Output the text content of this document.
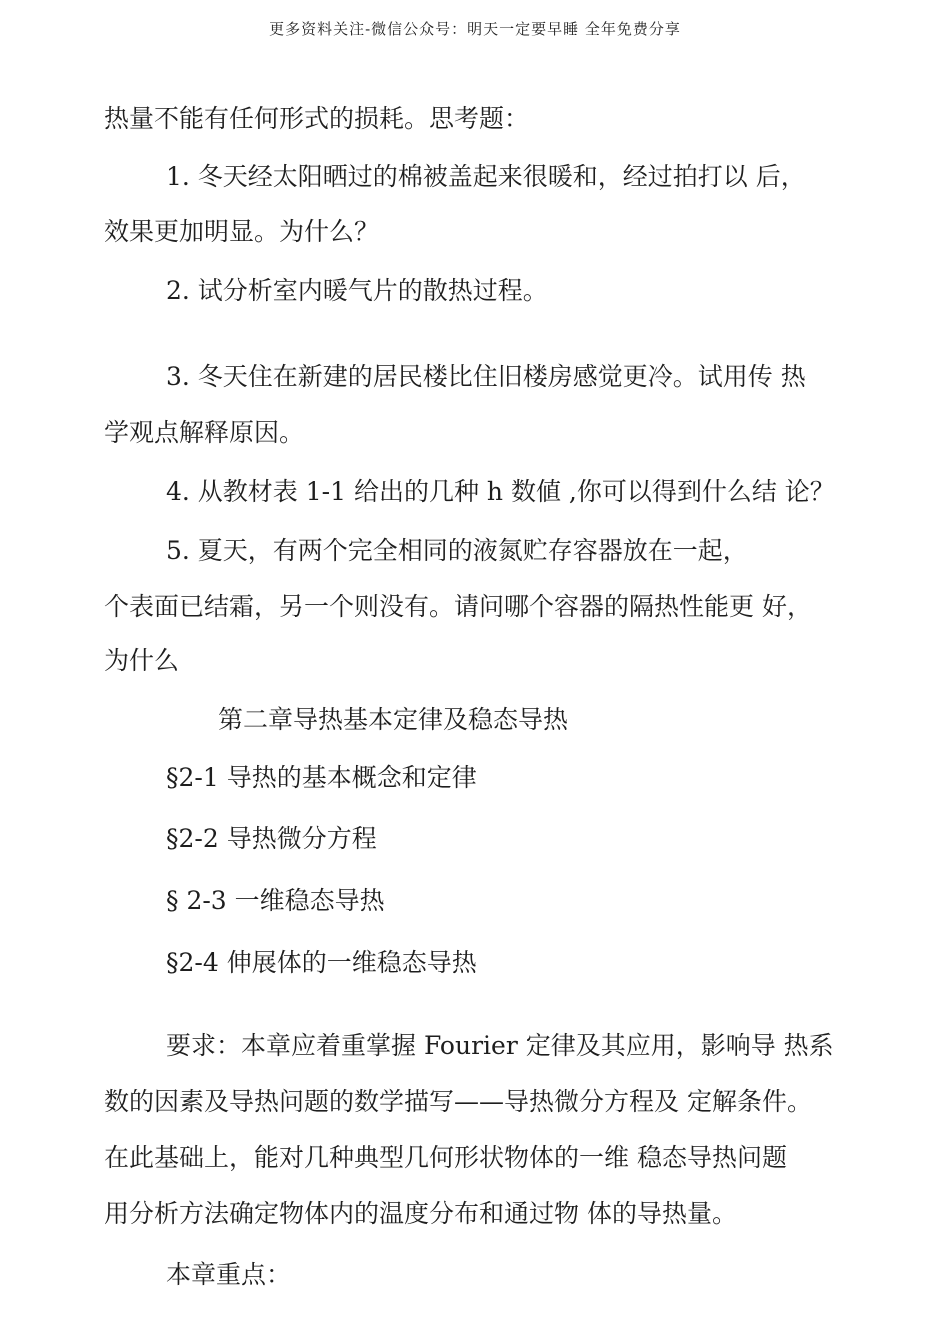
更多资料关注-微信公众号：明天一定要早睡 全年免费分享
热量不能有任何形式的损耗。思考题：
1. 冬天经太阳晒过的棉被盖起来很暖和，经过拍打以 后，
效果更加明显。为什么？
2. 试分析室内暖气片的散热过程。
3. 冬天住在新建的居民楼比住旧楼房感觉更冷。试用传 热
学观点解释原因。
4. 从教材表 1-1 给出的几种 h 数値 ,你可以得到什么结 论？
5. 夏天，有两个完全相同的液氮贮存容器放在一起，
个表面已结霜，另一个则没有。请问哪个容器的隔热性能更 好，
为什么
第二章导热基本定律及稳态导热
§2-1 导热的基本概念和定律
§2-2 导热微分方程
§ 2-3 一维稳态导热
§2-4 伸展体的一维稳态导热
要求：本章应着重掌握 Fourier 定律及其应用，影响导 热系
数的因素及导热问题的数学描写——导热微分方程及 定解条件。
在此基础上，能对几种典型几何形状物体的一维 稳态导热问题
用分析方法确定物体内的温度分布和通过物 体的导热量。
本章重点：
